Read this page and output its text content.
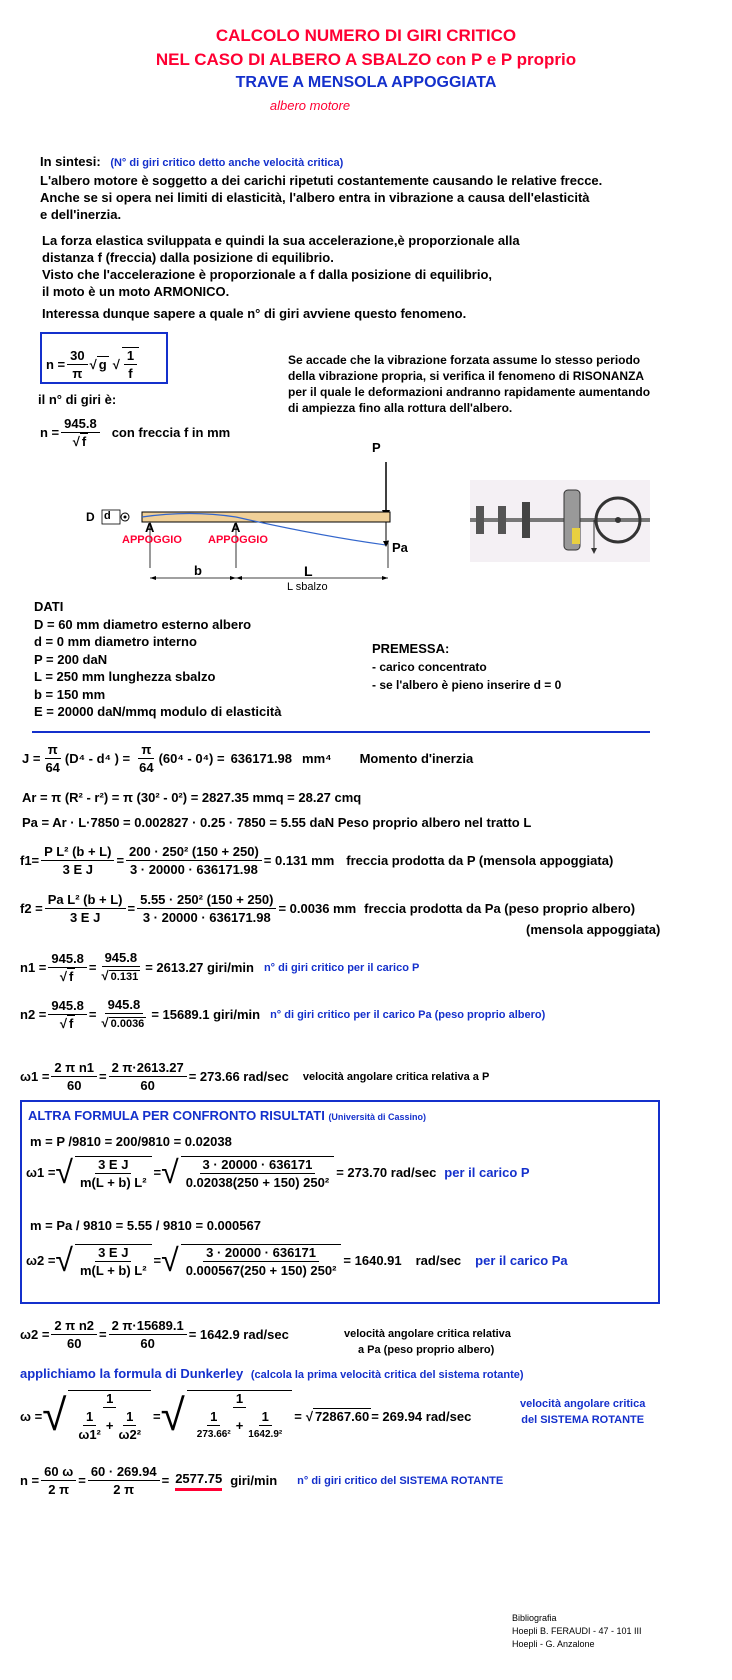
CALCOLO NUMERO DI GIRI CRITICO
NEL CASO DI ALBERO A SBALZO con P e P proprio
TRAVE A MENSOLA APPOGGIATA
albero motore
In sintesi: (N° di giri critico detto anche velocità critica)
L'albero motore è soggetto a dei carichi ripetuti costantemente causando le relative frecce.
Anche se si opera nei limiti di elasticità, l'albero entra in vibrazione a causa dell'elasticità
e dell'inerzia.
La forza elastica sviluppata e quindi la sua accelerazione,è proporzionale alla
distanza f (freccia) dalla posizione di equilibrio.
Visto che l'accelerazione è proporzionale a f dalla posizione di equilibrio,
il moto è un moto ARMONICO.
Interessa dunque sapere a quale n° di giri avviene questo fenomeno.
$n = \frac{30}{\pi}$ √ g √ $\frac{1}{f}$	Se accade che la vibrazione forzata assume lo stesso periodo
della vibrazione propria, si verifica il fenomeno di RISONANZA
per il quale le deformazioni andranno rapidamente aumentando
di ampiezza fino alla rottura dell'albero.
il n° di giri è:
$n = \frac{945.8}{√ f}$ con freccia f in mm
P
Pa
D d
A	A
APPOGGIO APPOGGIO
b	L
L sbalzo
DATI
D = 60 mm diametro esterno albero
d = 0 mm diametro interno
P = 200 daN
L = 250 mm lunghezza sbalzo
b = 150 mm
E = 20000 daN/mmq modulo di elasticità
PREMESSA:
- carico concentrato
- se l'albero è pieno inserire d = 0
$J = \frac{\pi}{64} (D^4 - d^4$ ) = $\frac{\pi}{64} (60^4 - 0^4) = 636171.98$ mm⁴ Momento d'inerzia
Ar = π (R² - r²) = π (30² - 0²) = 2827.35 mmq = 28.27 cmq
Pa = Ar · L·7850 = 0.002827 · 0.25 · 7850 = 5.55 daN Peso proprio albero nel tratto L
$f1= \frac{\text{P L² (b + L)}}{\text{3 E J}} = \frac{\text{200 · 250² (150 + 250)}}{3 \cdot 20000 \cdot 636171.98} = 0.131$ mm freccia prodotta da P (mensola appoggiata)
$f2 = \frac{\text{Pa L² (b + L)}}{\text{3 E J}} = \frac{\text{5.55 · 250² (150 + 250)}}{3 \cdot 20000 \cdot 636171.98} = 0.0036$ mm freccia prodotta da Pa (peso proprio albero)
(mensola appoggiata)
$n1 = \frac{945.8}{√ f} = \frac{945.8}{√ 0.131} = 2613.27$ giri/min n° di giri critico per il carico P
$n2 = \frac{945.8}{√ f} = \frac{945.8}{√ 0.0036} = 15689.1$ giri/min n° di giri critico per il carico Pa (peso proprio albero)
$\omega 1 = \frac{\text{2 π n1}}{60} = \frac{2 \pi\cdot 2613.27}{60} = 273.66$ rad/sec velocità angolare critica relativa a P
ALTRA FORMULA PER CONFRONTO RISULTATI (Università di Cassino)
m = P /9810 = 200/9810 = 0.02038
ω1 = √ $\frac{\text{3 E J}}{\text{m(L + b) L²}}$ = √ $\frac{3 \cdot 20000 \cdot 636171}{\text{0.02038(250 + 150) 250²}} = 273.70$ rad/sec per il carico P
m = Pa / 9810 = 5.55 / 9810 = 0.000567
ω2 = √ $\frac{\text{3 E J}}{\text{m(L + b) L²}}$ = √ $\frac{3 \cdot 20000 \cdot 636171}{\text{0.000567(250 + 150) 250²}} = 1640.91$ rad/sec per il carico Pa
$\omega 2 = \frac{\text{2 π n2}}{60} = \frac{2 \pi\cdot 15689.1}{60} = 1642.9$ rad/sec	velocità angolare critica relativa
a Pa (peso proprio albero)
applichiamo la formula di Dunkerley (calcola la prima velocità critica del sistema rotante)
ω = √ $\frac{1}{\frac{1}{\text{ω1²}} + \frac{1}{\text{ω2²}}}$ = √ $\frac{1}{\frac{1}{\text{273.66²}} + \frac{1}{\text{1642.9²}}}$ = √ 72867.60 = 269.94 rad/sec
velocità angolare critica
del SISTEMA ROTANTE
$n = \frac{60 \omega}{2 \pi} = \frac{60 \cdot 269.94}{2 \pi} = 2577.75$ giri/min n° di giri critico del SISTEMA ROTANTE
Bibliografia
Hoepli B. FERAUDI - 47 - 101 III
Hoepli - G. Anzalone
